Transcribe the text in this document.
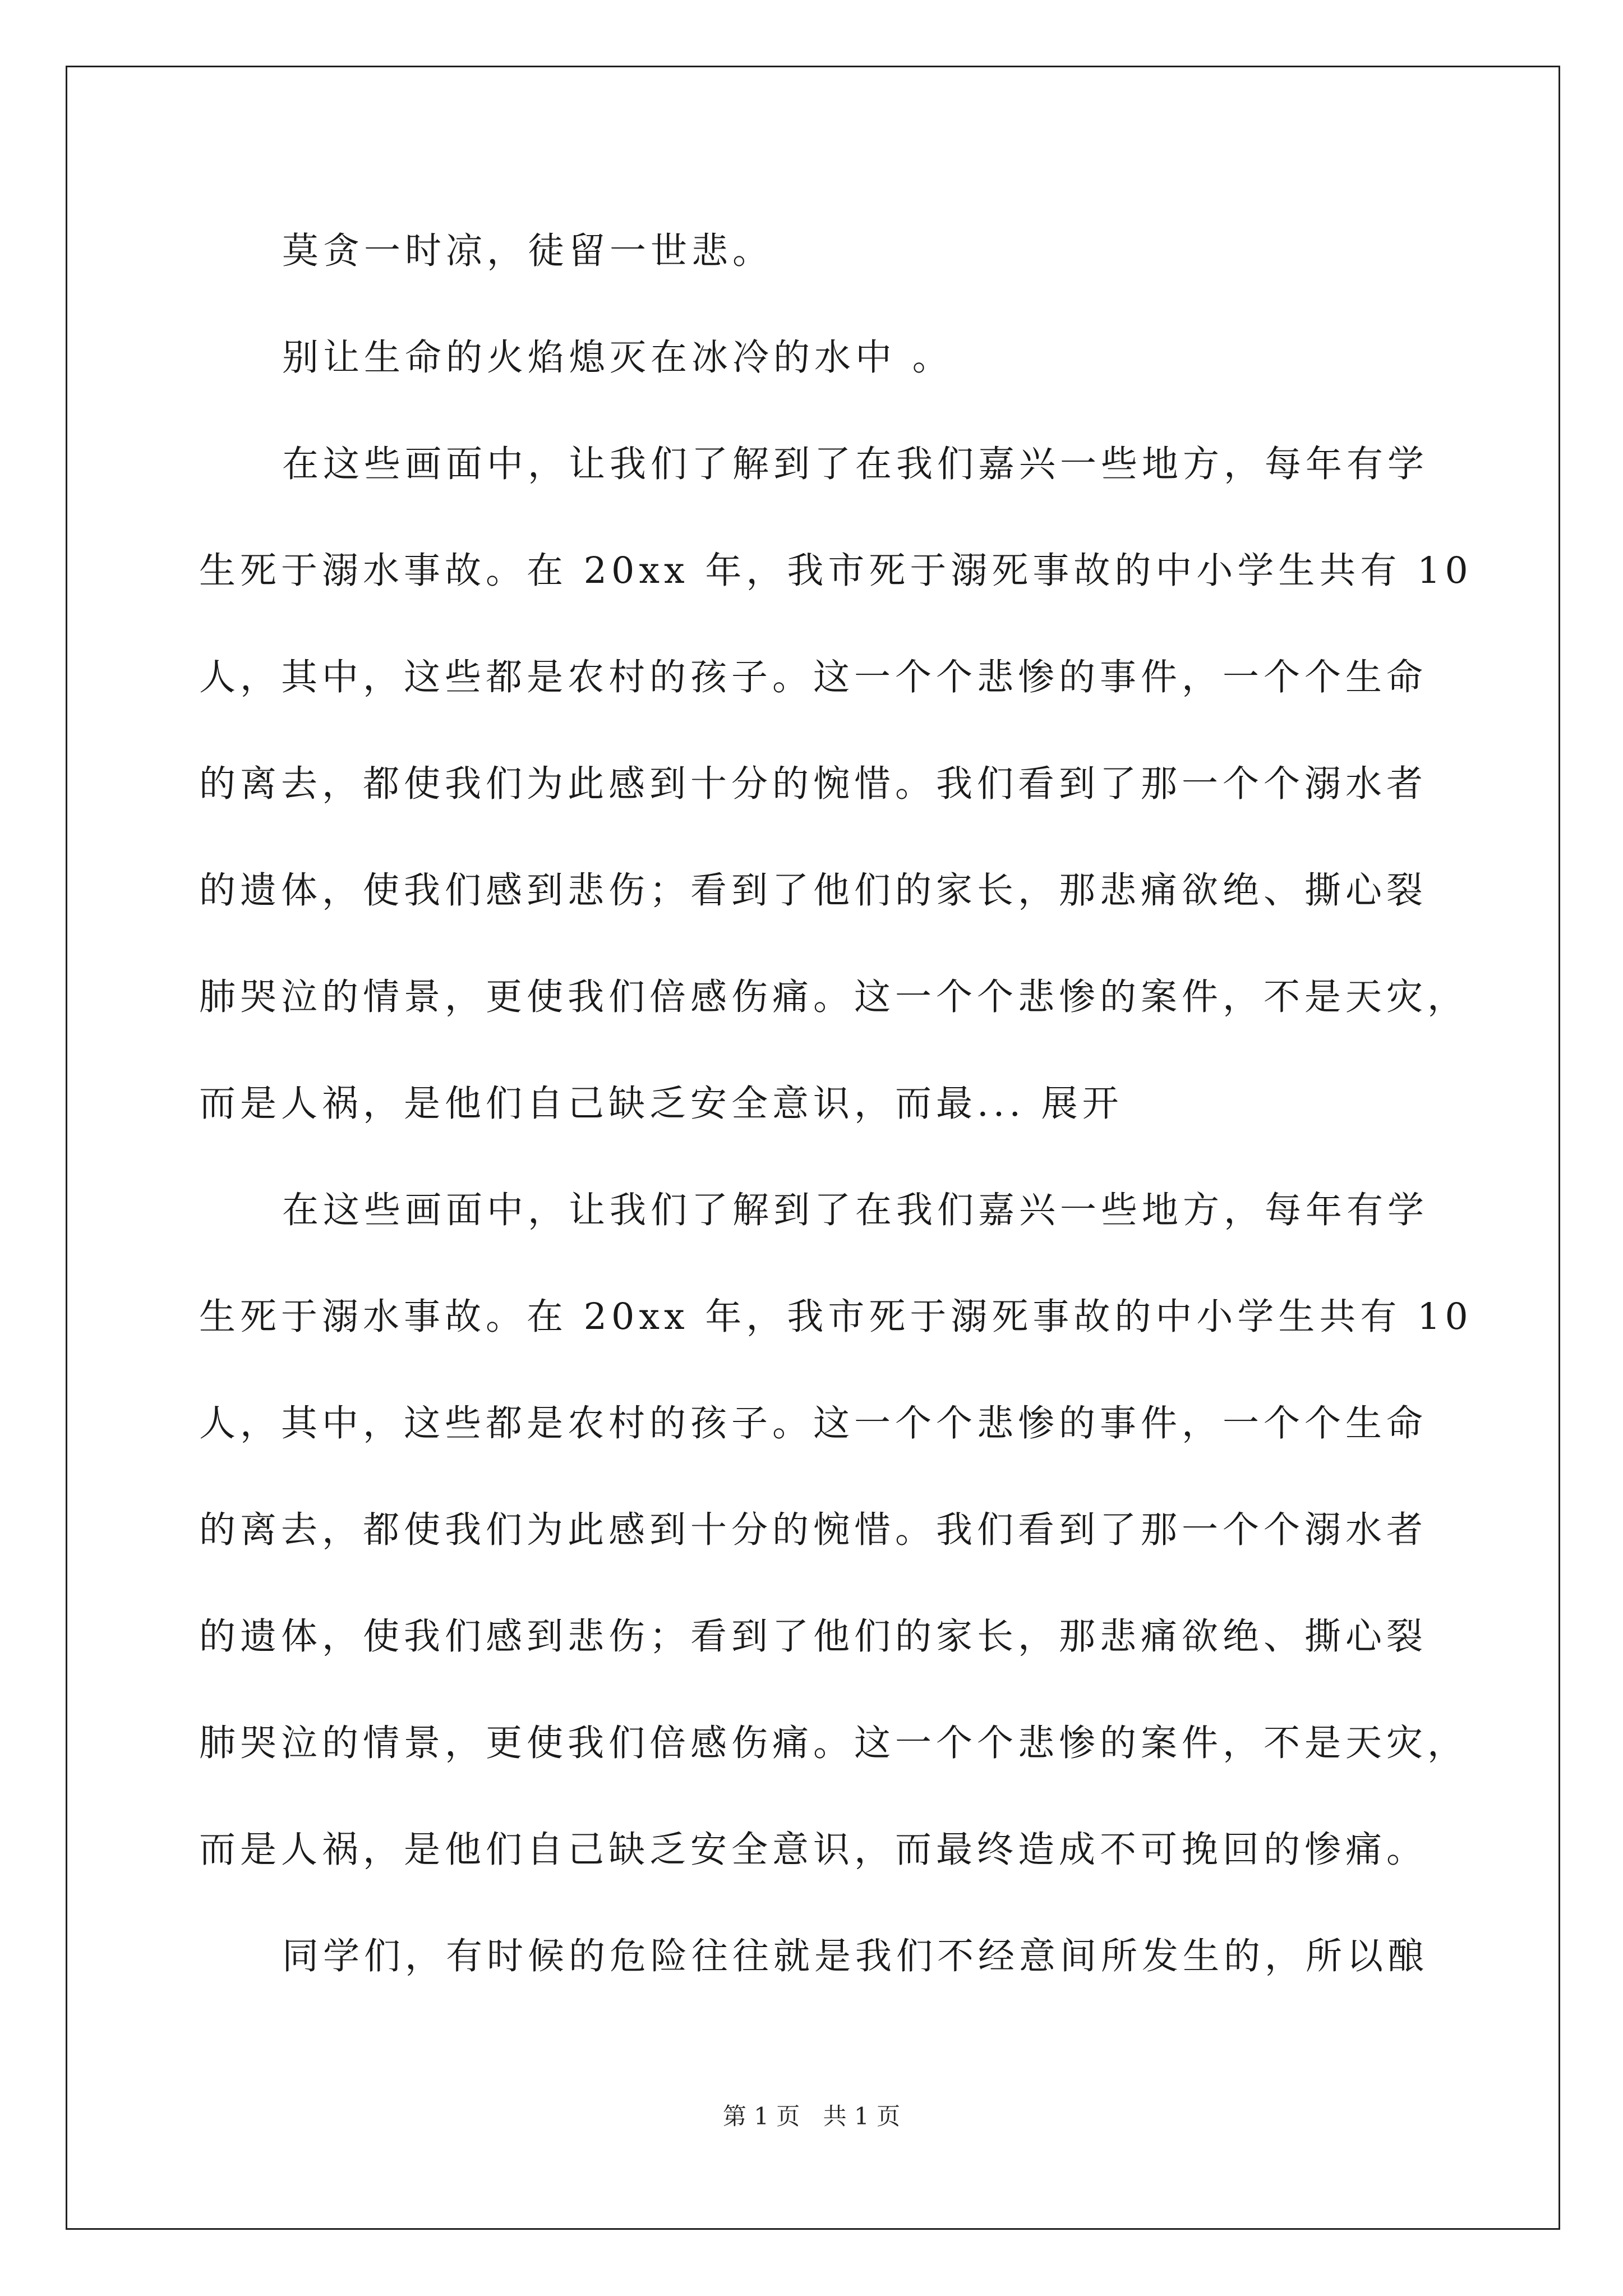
莫贪一时凉，徒留一世悲。
别让生命的火焰熄灭在冰冷的水中 。
在这些画面中，让我们了解到了在我们嘉兴一些地方，每年有学
生死于溺水事故。在 20xx 年，我市死于溺死事故的中小学生共有 10
人，其中，这些都是农村的孩子。这一个个悲惨的事件，一个个生命
的离去，都使我们为此感到十分的惋惜。我们看到了那一个个溺水者
的遗体，使我们感到悲伤；看到了他们的家长，那悲痛欲绝、撕心裂
肺哭泣的情景，更使我们倍感伤痛。这一个个悲惨的案件，不是天灾，
而是人祸，是他们自己缺乏安全意识，而最... 展开
在这些画面中，让我们了解到了在我们嘉兴一些地方，每年有学
生死于溺水事故。在 20xx 年，我市死于溺死事故的中小学生共有 10
人，其中，这些都是农村的孩子。这一个个悲惨的事件，一个个生命
的离去，都使我们为此感到十分的惋惜。我们看到了那一个个溺水者
的遗体，使我们感到悲伤；看到了他们的家长，那悲痛欲绝、撕心裂
肺哭泣的情景，更使我们倍感伤痛。这一个个悲惨的案件，不是天灾，
而是人祸，是他们自己缺乏安全意识，而最终造成不可挽回的惨痛。
同学们，有时候的危险往往就是我们不经意间所发生的，所以酿
第 1 页 共 1 页
